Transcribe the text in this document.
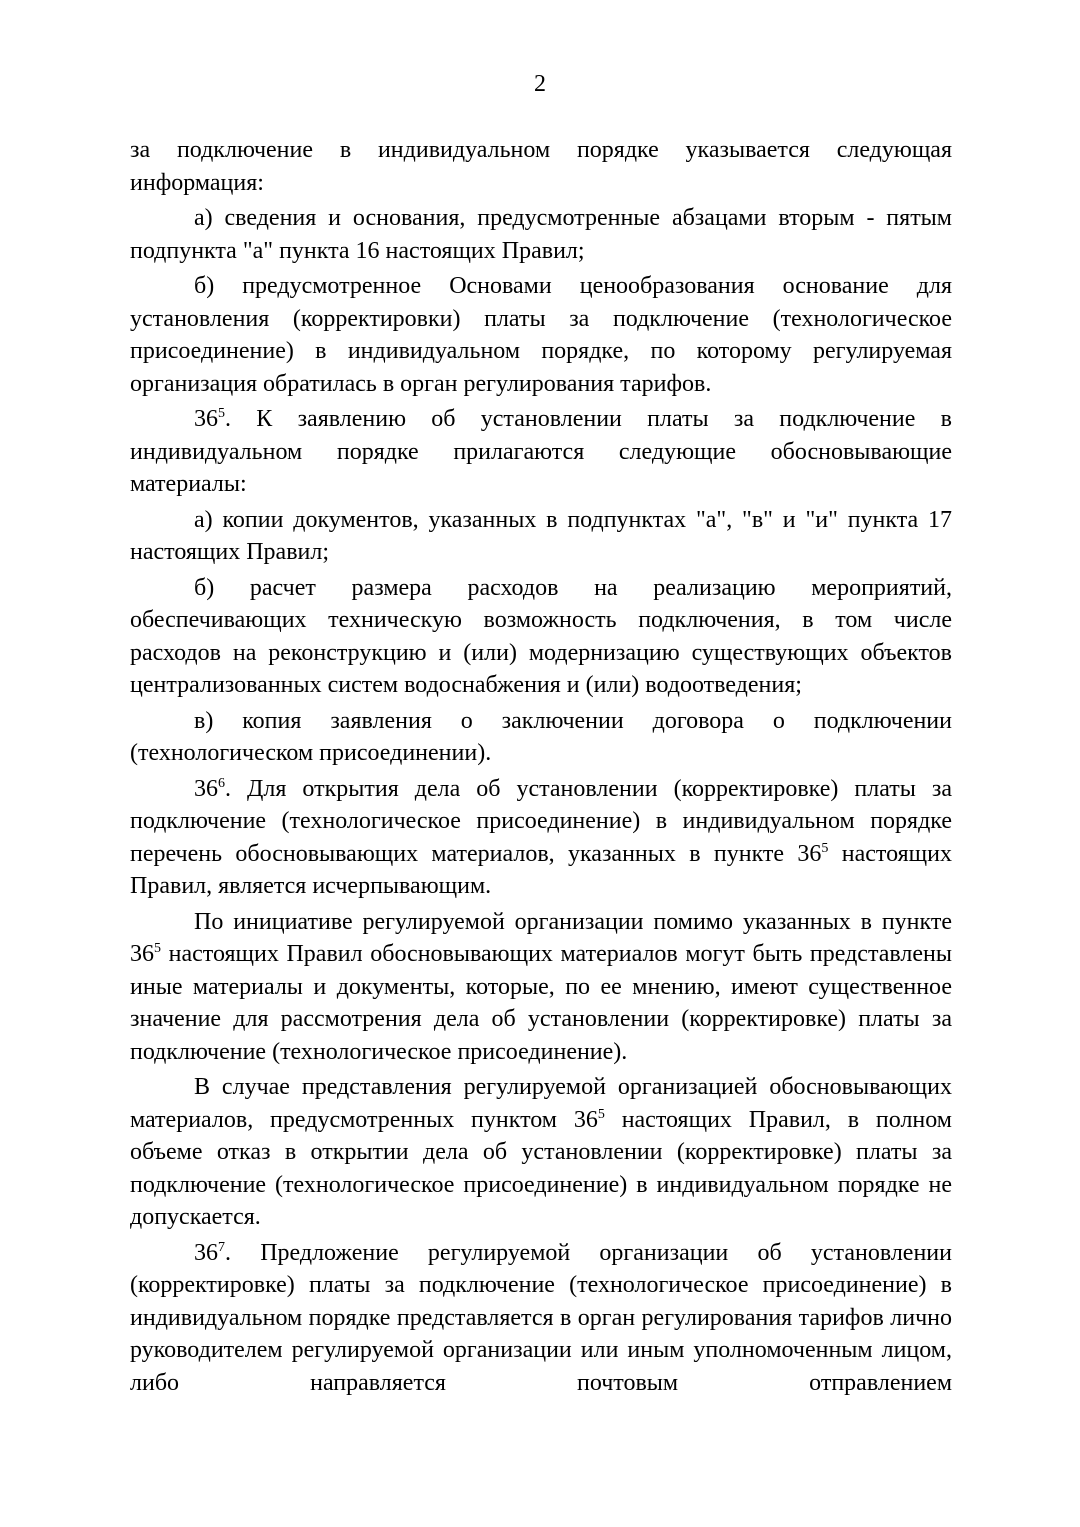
2

за подключение в индивидуальном порядке указывается следующая информация:

а) сведения и основания, предусмотренные абзацами вторым - пятым подпункта "а" пункта 16 настоящих Правил;

б) предусмотренное Основами ценообразования основание для установления (корректировки) платы за подключение (технологическое присоединение) в индивидуальном порядке, по которому регулируемая организация обратилась в орган регулирования тарифов.

$36^5$. К заявлению об установлении платы за подключение в индивидуальном порядке прилагаются следующие обосновывающие материалы:

а) копии документов, указанных в подпунктах "а", "в" и "и" пункта 17 настоящих Правил;

б) расчет размера расходов на реализацию мероприятий, обеспечивающих техническую возможность подключения, в том числе расходов на реконструкцию и (или) модернизацию существующих объектов централизованных систем водоснабжения и (или) водоотведения;

в) копия заявления о заключении договора о подключении (технологическом присоединении).

$36^6$. Для открытия дела об установлении (корректировке) платы за подключение (технологическое присоединение) в индивидуальном порядке перечень обосновывающих материалов, указанных в пункте $36^5$ настоящих Правил, является исчерпывающим.

По инициативе регулируемой организации помимо указанных в пункте $36^5$ настоящих Правил обосновывающих материалов могут быть представлены иные материалы и документы, которые, по ее мнению, имеют существенное значение для рассмотрения дела об установлении (корректировке) платы за подключение (технологическое присоединение).

В случае представления регулируемой организацией обосновывающих материалов, предусмотренных пунктом $36^5$ настоящих Правил, в полном объеме отказ в открытии дела об установлении (корректировке) платы за подключение (технологическое присоединение) в индивидуальном порядке не допускается.

$36^7$. Предложение регулируемой организации об установлении (корректировке) платы за подключение (технологическое присоединение) в индивидуальном порядке представляется в орган регулирования тарифов лично руководителем регулируемой организации или иным уполномоченным лицом, либо направляется почтовым отправлением
